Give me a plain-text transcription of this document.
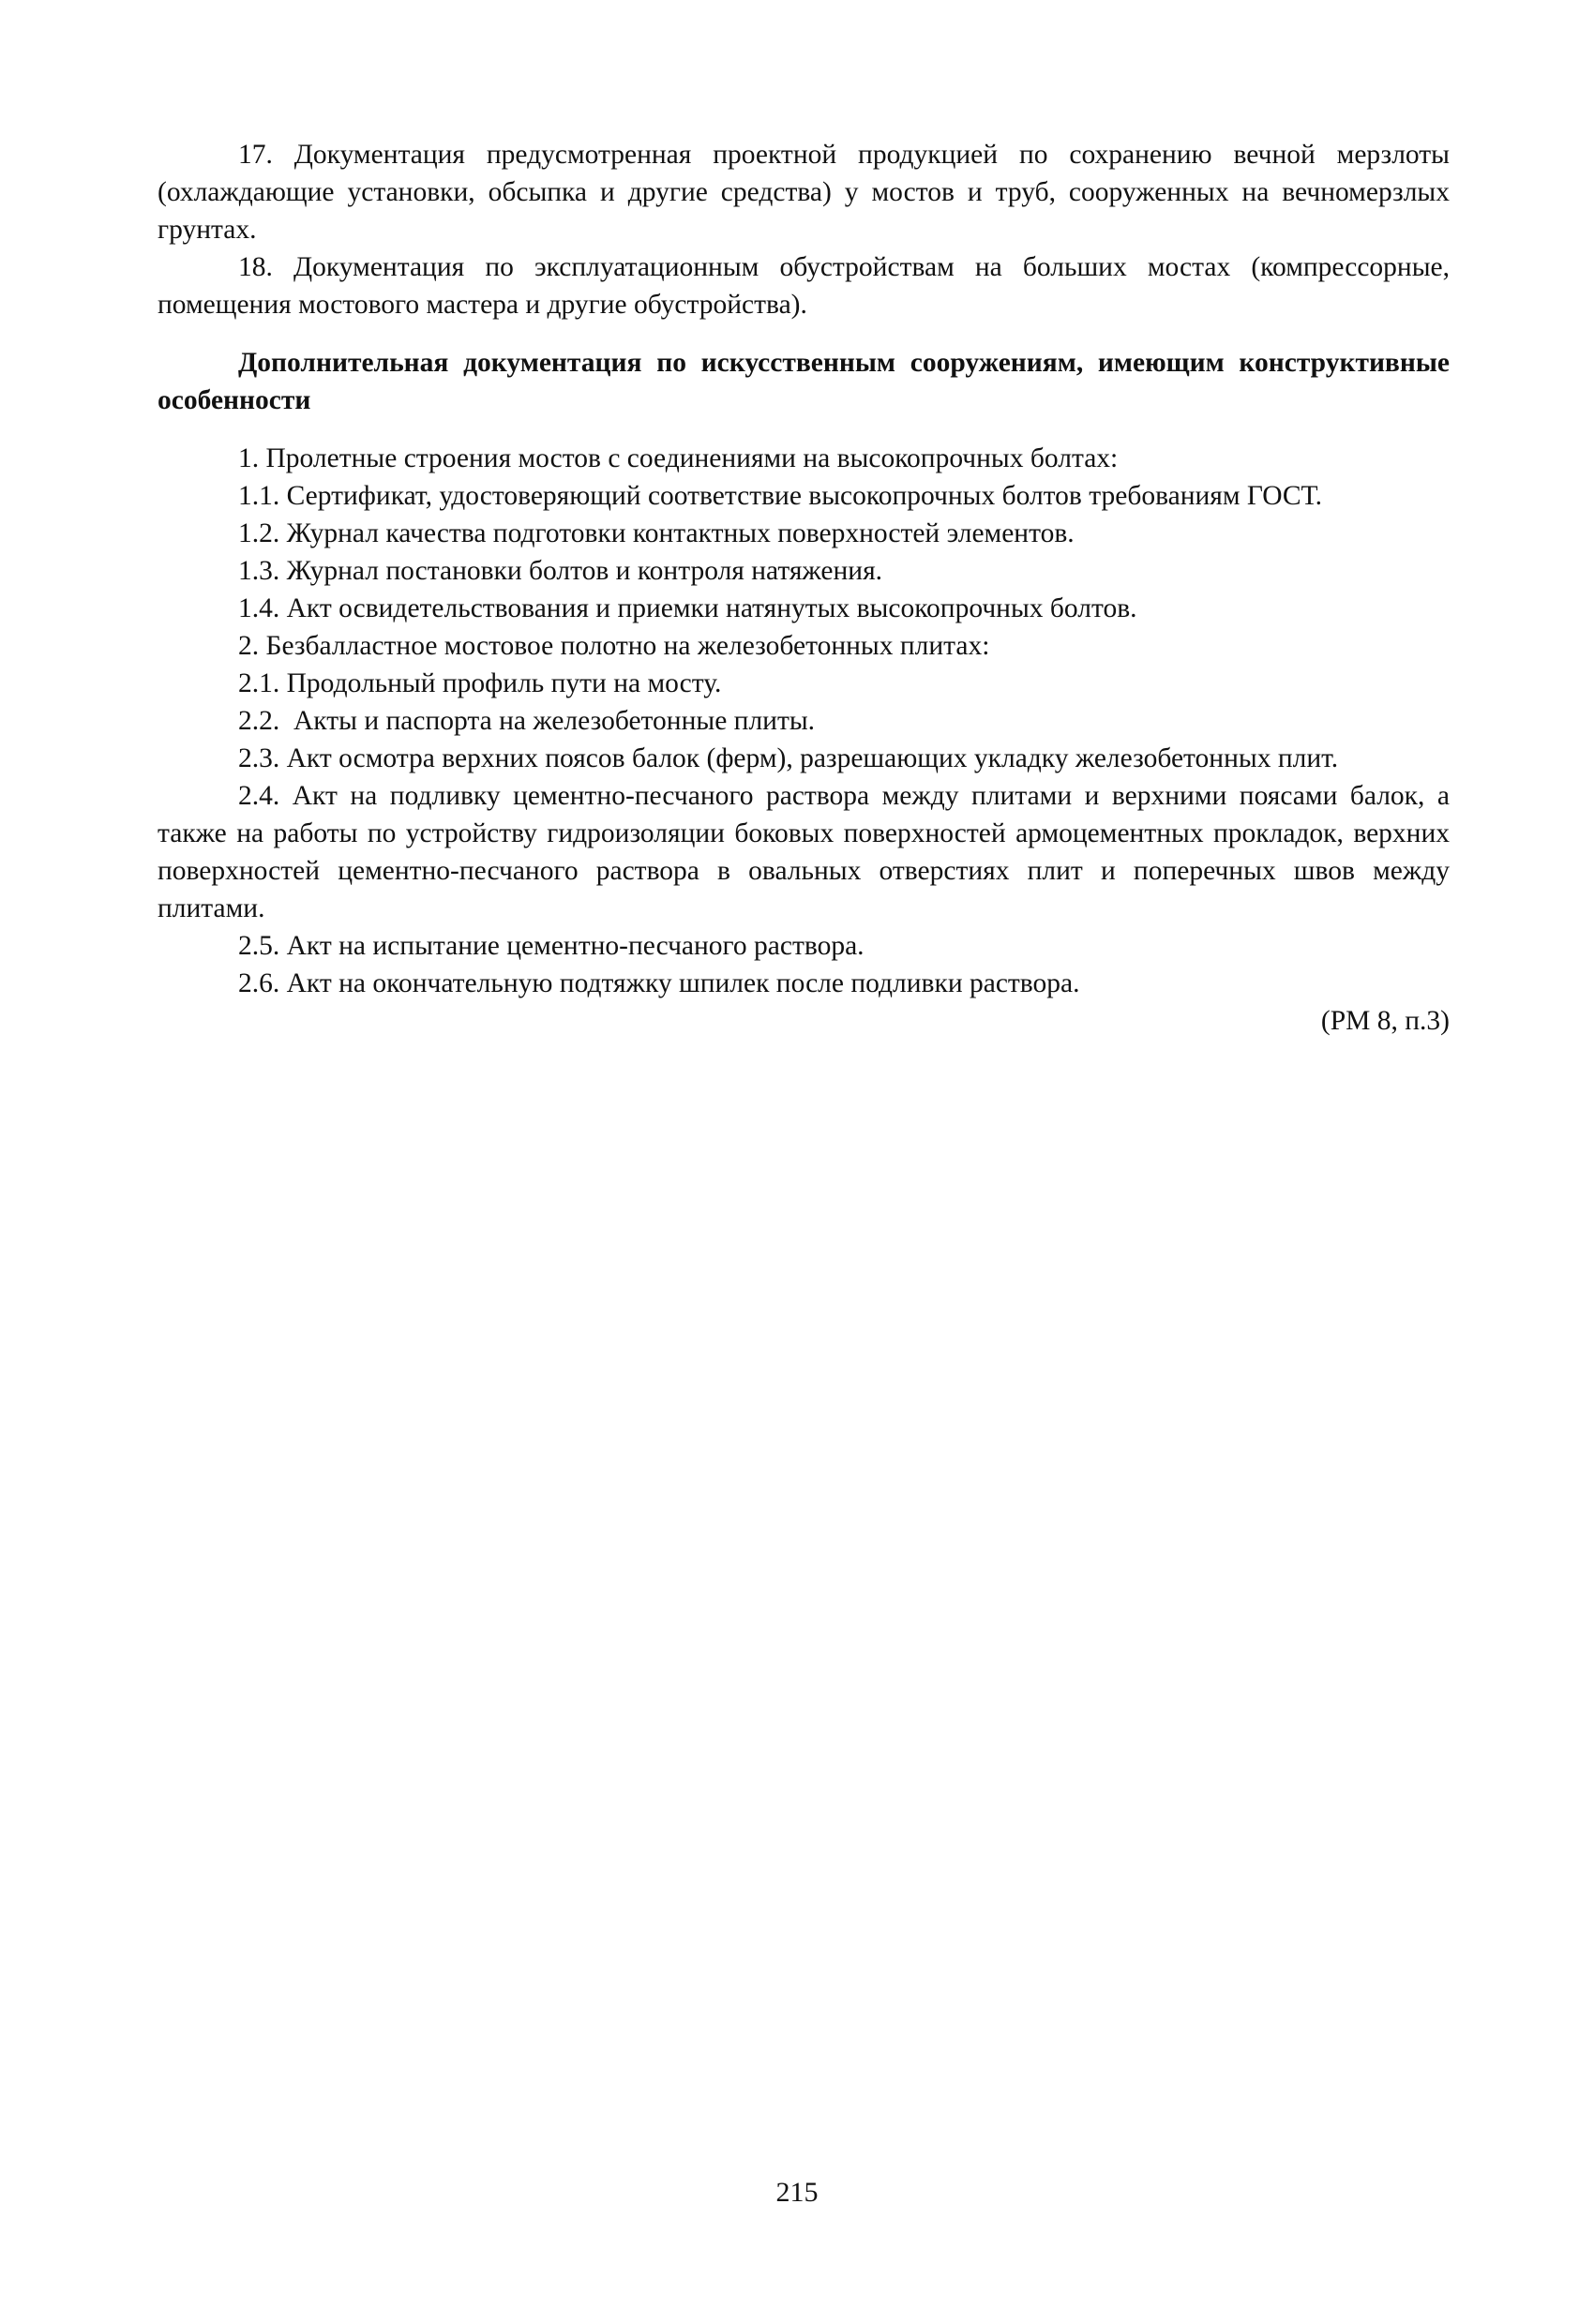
17. Документация предусмотренная проектной продукцией по сохранению вечной мерзлоты (охлаждающие установки, обсыпка и другие средства) у мостов и труб, сооруженных на вечномерзлых грунтах.

18. Документация по эксплуатационным обустройствам на больших мостах (компрессорные, помещения мостового мастера и другие обустройства).

Дополнительная документация по искусственным сооружениям, имеющим конструктивные особенности

1. Пролетные строения мостов с соединениями на высокопрочных болтах:

1.1. Сертификат, удостоверяющий соответствие высокопрочных болтов требованиям ГОСТ.

1.2. Журнал качества подготовки контактных поверхностей элементов.

1.3. Журнал постановки болтов и контроля натяжения.

1.4. Акт освидетельствования и приемки натянутых высокопрочных болтов.

2. Безбалластное мостовое полотно на железобетонных плитах:

2.1. Продольный профиль пути на мосту.

2.2.  Акты и паспорта на железобетонные плиты.

2.3. Акт осмотра верхних поясов балок (ферм), разрешающих укладку железобетонных плит.

2.4. Акт на подливку цементно-песчаного раствора между плитами и верхними поясами балок, а также на работы по устройству гидроизоляции боковых поверхностей армоцементных прокладок, верхних поверхностей цементно-песчаного раствора в овальных отверстиях плит и поперечных швов между плитами.

2.5. Акт на испытание цементно-песчаного раствора.

2.6. Акт на окончательную подтяжку шпилек после подливки раствора.

(РМ 8, п.3)

215
